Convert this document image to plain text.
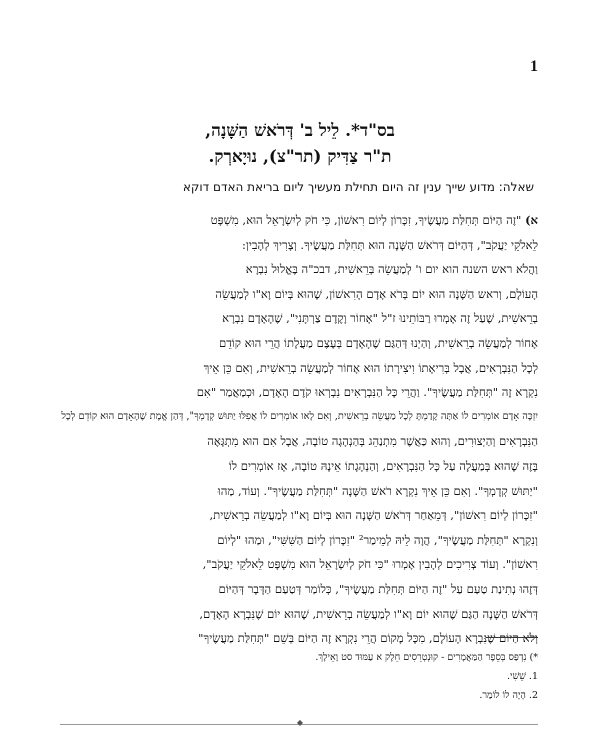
1
בס"ד*. לֵיל ב' דְּרֹאשׁ הַשָּׁנָה,
ת"ר צַדִּיק (תר"צ), נוּיָארְק.
שאלה: מדוע שייך ענין זה היום תחילת מעשיך ליום בריאת האדם דוקא
א) "זֶה הַיּוֹם תְּחִלַּת מַעֲשֶׂיךָ, זִכָּרוֹן לְיוֹם רִאשׁוֹן, כִּי חֹק לְיִשְׂרָאֵל הוּא, מִשְׁפָּט
לֵאלֹקֵי יַעֲקֹב", דְּהַיּוֹם דְּרֹאשׁ הַשָּׁנָה הוּא תְּחִלַּת מַעֲשֶׂיךָ. וְצָרִיךְ לְהָבִין:
וַהֲלֹא ראש השנה הוא יום ו' לְמַעֲשֵׂה בְּרֵאשִׁית, דבכ"ה בֶּאֱלוּל נִבְרָא
הָעוֹלָם, וְראש הַשָּׁנָה הוּא יוֹם בְּרֹא אָדָם הָרִאשׁוֹן, שֶׁהוּא בְּיוֹם וָא"ו לְמַעֲשֵׂה
בְרֵאשִׁית, שֶׁעַל זֶה אָמְרוּ רַבּוֹתֵינוּ ז"ל "אָחוֹר וָקֶדֶם צַרְתָּנִי", שֶׁהָאָדָם נִבְרָא
אָחוֹר לְמַעֲשֵׂה בְרֵאשִׁית, וְהַיְנוּ דְּהַגַּם שֶׁהָאָדָם בְּעֶצֶם מַעֲלָתוֹ הֲרֵי הוּא קוֹדֵם
לְכָל הַנִּבְרָאִים, אֲבָל בְּרִיאָתוֹ וִיצִירָתוֹ הוּא אָחוֹר לְמַעֲשֵׂה בְרֵאשִׁית, וְאִם כֵּן אֵיךְ
נִקְרָא זֶה "תְּחִלַּת מַעֲשֶׂיךָ". וַהֲרֵי כָּל הַנִּבְרָאִים נִבְרְאוּ קֹדֶם הָאָדָם, וּכְמַאֲמַר "אִם
יִזְכֶּה אָדָם אוֹמְרִים לוֹ אַתָּה קָדַמְתָּ לְכָל מַעֲשֵׂה בְרֵאשִׁית, וְאִם לָאו אוֹמְרִים לוֹ אֲפִלּוּ יַתּוּשׁ קְדָמְךָ", דְּהַן אֱמֶת שֶׁהָאָדָם הוּא קוֹדֵם לְכָל
הַנִּבְרָאִים וְהַיְצוּרִים, וְהוּא כַּאֲשֶׁר מִתְנַהֵג בְּהַנְהָגָה טוֹבָה, אֲבָל אִם הוּא מִתְגָּאֶה
בָּזֶה שֶׁהוּא בְּמַעֲלָה עַל כָּל הַנִּבְרָאִים, וְהַנְהָגָתוֹ אֵינָהּ טוֹבָה, אָז אוֹמְרִים לוֹ
"יַתּוּשׁ קְדָמְךָ". וְאִם כֵּן אֵיךְ נִקְרָא רֹאשׁ הַשָּׁנָה "תְּחִלַּת מַעֲשֶׂיךָ". וְעוֹד, מַהוּ
"זִכָּרוֹן לְיוֹם רִאשׁוֹן", דְּמֵאַחַר דְּרֹאשׁ הַשָּׁנָה הוּא בְּיוֹם וָא"ו לְמַעֲשֵׂה בְרֵאשִׁית,
וְנִקְרָא "תְּחִלַּת מַעֲשֶׂיךָ", הֲוָה לֵיהּ לְמֵימַר² "זִכָּרוֹן לְיוֹם הַשִּׁשִּׁי", וּמַהוּ "לְיוֹם
רִאשׁוֹן". וְעוֹד צְרִיכִים לְהָבִין אָמְרוּ "כִּי חֹק לְיִשְׂרָאֵל הוּא מִשְׁפָּט לֵאלֹקֵי יַעֲקֹב",
דְּזֶהוּ נְתִינַת טַעַם עַל "זֶה הַיּוֹם תְּחִלַּת מַעֲשֶׂיךָ", כְּלוֹמַר דְּטַעַם הַדָּבָר דְּהַיּוֹם
דְּרֹאשׁ הַשָּׁנָה הַגַּם שֶׁהוּא יוֹם וָא"ו לְמַעֲשֵׂה בְרֵאשִׁית, שֶׁהוּא יוֹם שֶׁנִּבְרָא הָאָדָם,
וְלֹא הַיּוֹם שֶׁנִּבְרָא הָעוֹלָם, מִכָּל מָקוֹם הֲרֵי נִקְרָא זֶה הַיּוֹם בְּשֵׁם "תְּחִלַּת מַעֲשֶׂיךָ"
*) נִדְפַּס בְּסֵפֶר הַמַּאֲמָרִים - קוּנְטְרֵסִים חֵלֶק א עַמּוּד סט וָאֵילָךְ.
1. שֵׁשִׁי.
2. הָיָה לוֹ לוֹמַר.
◆
